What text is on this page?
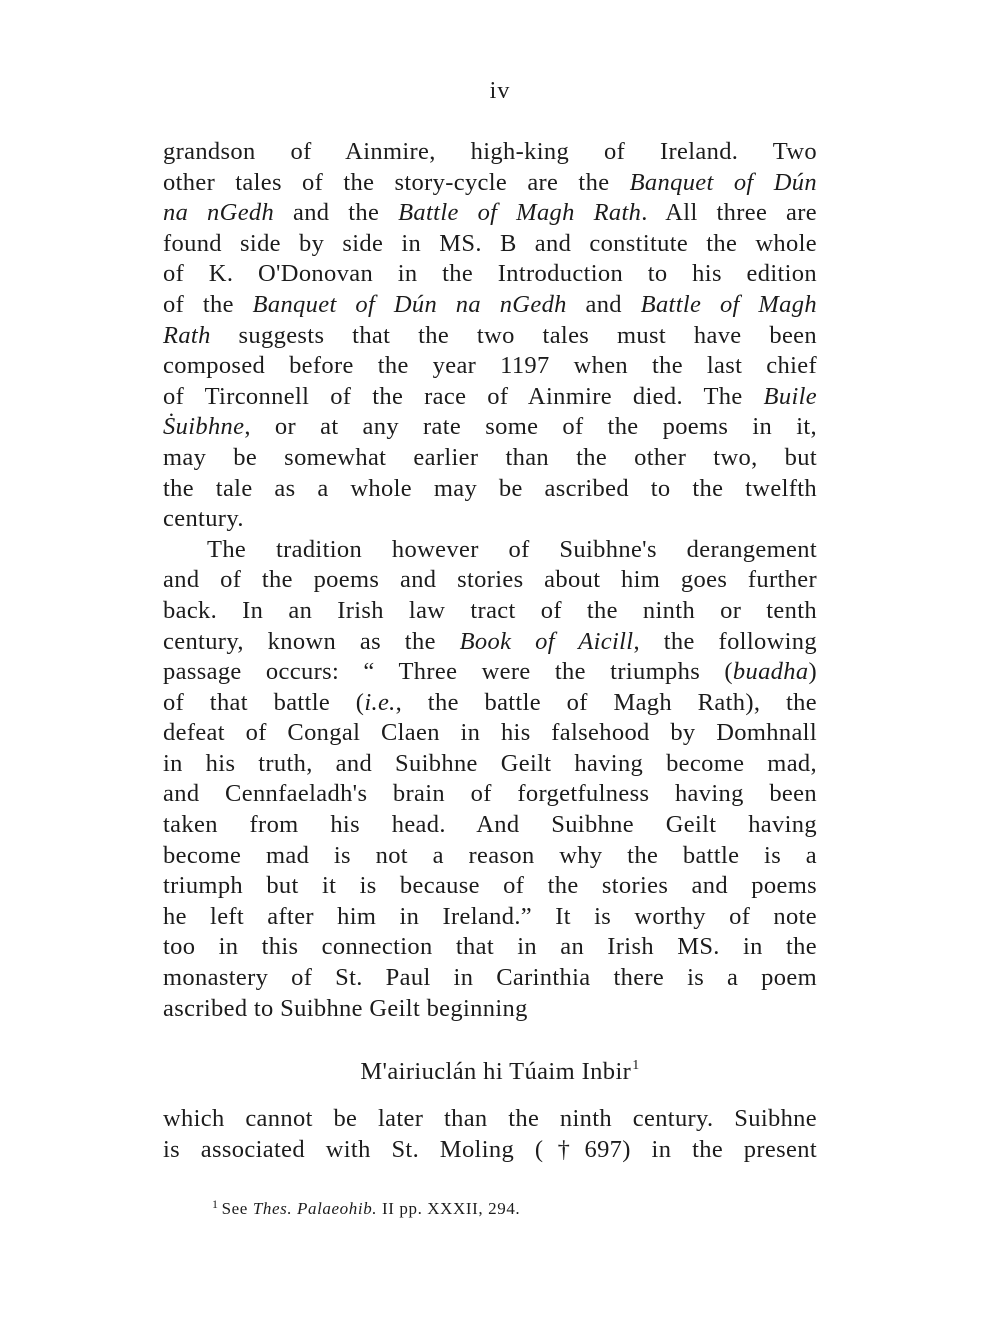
iv
grandson of Ainmire, high-king of Ireland. Two
other tales of the story-cycle are the Banquet of Dún
na nGedh and the Battle of Magh Rath. All three are
found side by side in MS. B and constitute the whole
of K. O'Donovan in the Introduction to his edition
of the Banquet of Dún na nGedh and Battle of Magh
Rath suggests that the two tales must have been
composed before the year 1197 when the last chief
of Tirconnell of the race of Ainmire died. The Buile
Ṡuibhne, or at any rate some of the poems in it,
may be somewhat earlier than the other two, but
the tale as a whole may be ascribed to the twelfth
century.
The tradition however of Suibhne's derangement
and of the poems and stories about him goes further
back. In an Irish law tract of the ninth or tenth
century, known as the Book of Aicill, the following
passage occurs: “ Three were the triumphs (buadha)
of that battle (i.e., the battle of Magh Rath), the
defeat of Congal Claen in his falsehood by Domhnall
in his truth, and Suibhne Geilt having become mad,
and Cennfaeladh's brain of forgetfulness having been
taken from his head. And Suibhne Geilt having
become mad is not a reason why the battle is a
triumph but it is because of the stories and poems
he left after him in Ireland.” It is worthy of note
too in this connection that in an Irish MS. in the
monastery of St. Paul in Carinthia there is a poem
ascribed to Suibhne Geilt beginning
M'airiuclán hi Túaim Inbir$^1$
which cannot be later than the ninth century. Suibhne
is associated with St. Moling (†697) in the present
$^1$ See Thes. Palaeohib. II pp. XXXII, 294.
